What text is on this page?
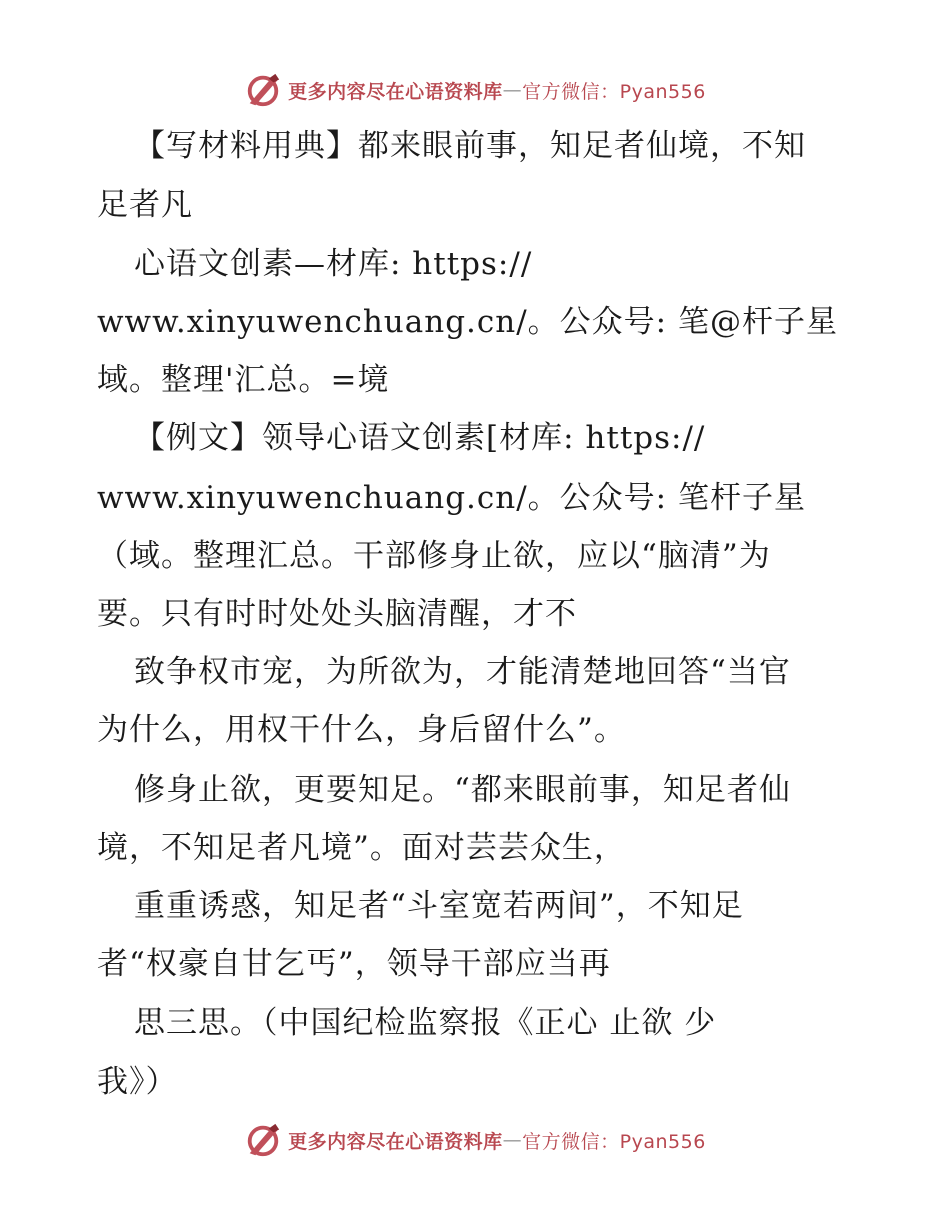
更多内容尽在心语资料库 — 官方微信：Pyan556
【写材料用典】都来眼前事，知足者仙境，不知
足者凡
心语文创素—材库: https://
www.xinyuwenchuang.cn/。公众号: 笔@杆子星
域。整理'汇总。=境
【例文】领导心语文创素[材库: https://
www.xinyuwenchuang.cn/。公众号: 笔杆子星
（域。整理汇总。干部修身止欲，应以“脑清”为
要。只有时时处处头脑清醒，才不
致争权市宠，为所欲为，才能清楚地回答“当官
为什么，用权干什么，身后留什么”。
修身止欲，更要知足。“都来眼前事，知足者仙
境，不知足者凡境”。面对芸芸众生，
重重诱惑，知足者“斗室宽若两间”，不知足
者“权豪自甘乞丐”，领导干部应当再
思三思。（中国纪检监察报《正心 止欲 少
我》）
更多内容尽在心语资料库 — 官方微信：Pyan556
